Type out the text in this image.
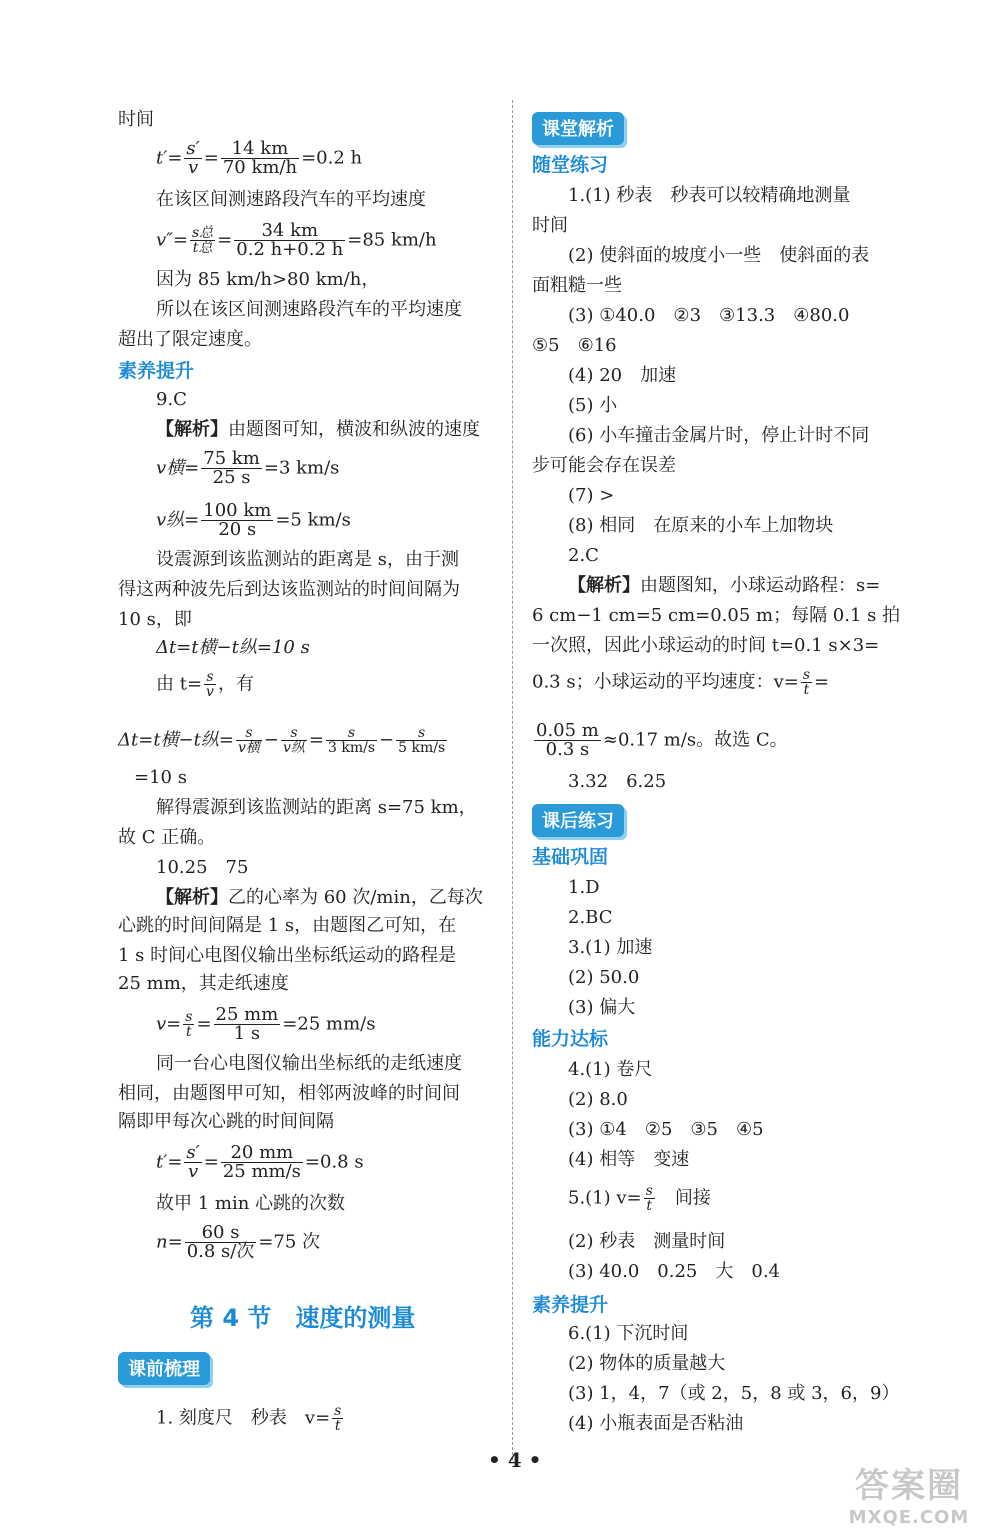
时间
$t'= \frac{s'}{v} = \frac{14 km}{70 km/h} =0.2$ h
在该区间测速路段汽车的平均速度
$v''= \frac{\text{s总}}{\text{t总}} = \frac{34 km}{0.2 h+0.2 h} =85$ km/h
因为 85 km/h>80 km/h，
所以在该区间测速路段汽车的平均速度
超出了限定速度。
素养提升
9.C
【解析】由题图可知，横波和纵波的速度
v横= $\frac{75 km}{25 s} =3$ km/s
v纵= $\frac{100 km}{20 s} =5$ km/s
设震源到该监测站的距离是 s，由于测
得这两种波先后到达该监测站的时间间隔为
10 s，即
Δt=t横−t纵=10 s
由 $t= \frac{s}{v}$ ，有
Δt=t横−t纵= $\frac{s}{\text{v横}} - \frac{s}{\text{v纵}} = \frac{s}{3 km/s} - \frac{s}{5 km/s}$
=10 s
解得震源到该监测站的距离 s=75 km，
故 C 正确。
10.25　75
【解析】乙的心率为 60 次/min，乙每次
心跳的时间间隔是 1 s，由题图乙可知，在
1 s 时间心电图仪输出坐标纸运动的路程是
25 mm，其走纸速度
$v= \frac{s}{t} = \frac{25 mm}{1 s} =25$ mm/s
同一台心电图仪输出坐标纸的走纸速度
相同，由题图甲可知，相邻两波峰的时间间
隔即甲每次心跳的时间间隔
$t'= \frac{s'}{v} = \frac{20 mm}{25 mm/s} =0.8$ s
故甲 1 min 心跳的次数
$n= \frac{60 s}{\text{0.8 s/次}} =75$ 次
课前梳理
1. 刻度尺　秒表　$v= \frac{s}{t}$
第 4 节　速度的测量
课堂解析
随堂练习
1.(1) 秒表　秒表可以较精确地测量
时间
(2) 使斜面的坡度小一些　使斜面的表
面粗糙一些
(3) ①40.0　②3　③13.3　④80.0
⑤5　⑥16
(4) 20　加速
(5) 小
(6) 小车撞击金属片时，停止计时不同
步可能会存在误差
(7) >
(8) 相同　在原来的小车上加物块
2.C
【解析】由题图知，小球运动路程：s=
6 cm−1 cm=5 cm=0.05 m；每隔 0.1 s 拍
一次照，因此小球运动的时间 t=0.1 s×3=
0.3 s；小球运动的平均速度：$v= \frac{s}{t}$ =
$\frac{0.05 m}{0.3 s} \approx 0.17$ m/s。故选 C。
3.32　6.25
课后练习
基础巩固
1.D
2.BC
3.(1) 加速
(2) 50.0
(3) 偏大
能力达标
4.(1) 卷尺
(2) 8.0
(3) ①4　②5　③5　④5
(4) 相等　变速
5.(1) $v= \frac{s}{t}$ 　间接
(2) 秒表　测量时间
(3) 40.0　0.25　大　0.4
素养提升
6.(1) 下沉时间
(2) 物体的质量越大
(3) 1，4，7（或 2，5，8 或 3，6，9）
(4) 小瓶表面是否粘油
• 4 •
答案圈
MXQE.COM
